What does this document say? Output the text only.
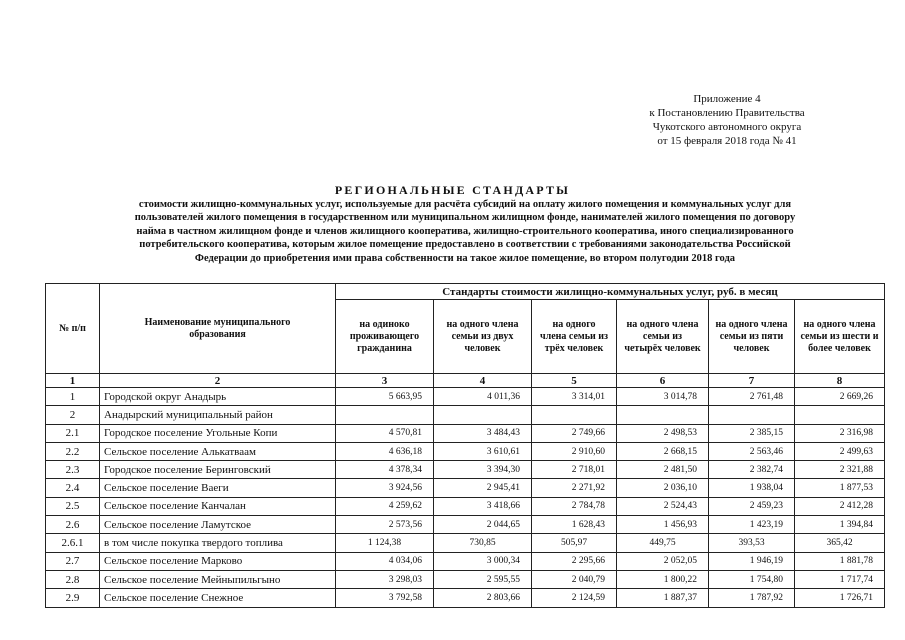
Приложение 4
к Постановлению Правительства
Чукотского автономного округа
от 15 февраля 2018 года № 41
РЕГИОНАЛЬНЫЕ СТАНДАРТЫ
стоимости жилищно-коммунальных услуг, используемые для расчёта субсидий на оплату жилого помещения и коммунальных услуг для
пользователей жилого помещения в государственном или муниципальном жилищном фонде, нанимателей жилого помещения по договору
найма в частном жилищном фонде и членов жилищного кооператива, жилищно-строительного кооператива, иного специализированного
потребительского кооператива, которым жилое помещение предоставлено в соответствии с требованиями законодательства Российской
Федерации до приобретения ими права собственности на такое жилое помещение, во втором полугодии 2018 года
№ п/п	Наименование муниципального образования	Стандарты стоимости жилищно-коммунальных услуг, руб. в месяц					
		на одиноко проживающего гражданина	на одного члена семьи из двух человек	на одного члена семьи из трёх человек	на одного члена семьи из четырёх человек	на одного члена семьи из пяти человек	на одного члена семьи из шести и более человек
1	2	3	4	5	6	7	8
1	Городской округ Анадырь	5 663,95	4 011,36	3 314,01	3 014,78	2 761,48	2 669,26
2	Анадырский муниципальный район						
2.1	Городское поселение Угольные Копи	4 570,81	3 484,43	2 749,66	2 498,53	2 385,15	2 316,98
2.2	Сельское поселение Алькатваам	4 636,18	3 610,61	2 910,60	2 668,15	2 563,46	2 499,63
2.3	Городское поселение Беринговский	4 378,34	3 394,30	2 718,01	2 481,50	2 382,74	2 321,88
2.4	Сельское поселение Ваеги	3 924,56	2 945,41	2 271,92	2 036,10	1 938,04	1 877,53
2.5	Сельское поселение Канчалан	4 259,62	3 418,66	2 784,78	2 524,43	2 459,23	2 412,28
2.6	Сельское поселение Ламутское	2 573,56	2 044,65	1 628,43	1 456,93	1 423,19	1 394,84
2.6.1	в том числе покупка твердого топлива	1 124,38	730,85	505,97	449,75	393,53	365,42
2.7	Сельское поселение Марково	4 034,06	3 000,34	2 295,66	2 052,05	1 946,19	1 881,78
2.8	Сельское поселение Мейныпильгыно	3 298,03	2 595,55	2 040,79	1 800,22	1 754,80	1 717,74
2.9	Сельское поселение Снежное	3 792,58	2 803,66	2 124,59	1 887,37	1 787,92	1 726,71
